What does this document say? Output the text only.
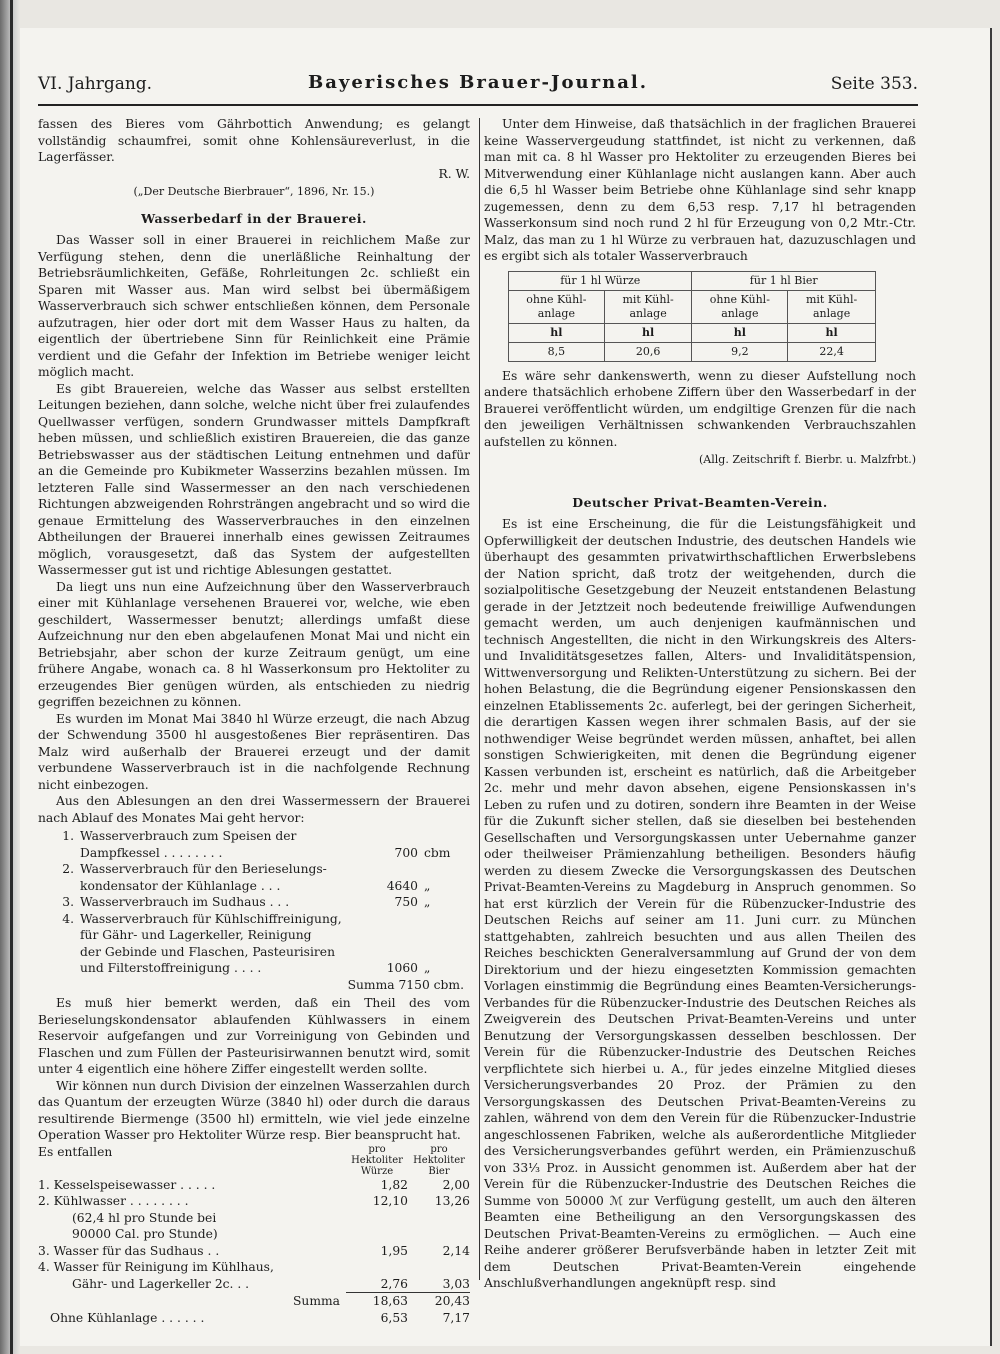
VI. Jahrgang.	Bayerisches Brauer-Journal.	Seite 353.

fassen des Bieres vom Gährbottich Anwendung; es gelangt vollständig schaumfrei, somit ohne Kohlensäureverlust, in die Lagerfässer.

R. W.
(„Der Deutsche Bierbrauer“, 1896, Nr. 15.)
Wasserbedarf in der Brauerei.

Das Wasser soll in einer Brauerei in reichlichem Maße zur Verfügung stehen, denn die unerläßliche Reinhaltung der Betriebsräumlichkeiten, Gefäße, Rohrleitungen 2c. schließt ein Sparen mit Wasser aus. Man wird selbst bei übermäßigem Wasserverbrauch sich schwer entschließen können, dem Personale aufzutragen, hier oder dort mit dem Wasser Haus zu halten, da eigentlich der übertriebene Sinn für Reinlichkeit eine Prämie verdient und die Gefahr der Infektion im Betriebe weniger leicht möglich macht.

Es gibt Brauereien, welche das Wasser aus selbst erstellten Leitungen beziehen, dann solche, welche nicht über frei zulaufendes Quellwasser verfügen, sondern Grundwasser mittels Dampfkraft heben müssen, und schließlich existiren Brauereien, die das ganze Betriebswasser aus der städtischen Leitung entnehmen und dafür an die Gemeinde pro Kubikmeter Wasserzins bezahlen müssen. Im letzteren Falle sind Wassermesser an den nach verschiedenen Richtungen abzweigenden Rohrsträngen angebracht und so wird die genaue Ermittelung des Wasserverbrauches in den einzelnen Abtheilungen der Brauerei innerhalb eines gewissen Zeitraumes möglich, vorausgesetzt, daß das System der aufgestellten Wassermesser gut ist und richtige Ablesungen gestattet.

Da liegt uns nun eine Aufzeichnung über den Wasserverbrauch einer mit Kühlanlage versehenen Brauerei vor, welche, wie eben geschildert, Wassermesser benutzt; allerdings umfaßt diese Aufzeichnung nur den eben abgelaufenen Monat Mai und nicht ein Betriebsjahr, aber schon der kurze Zeitraum genügt, um eine frühere Angabe, wonach ca. 8 hl Wasserkonsum pro Hektoliter zu erzeugendes Bier genügen würden, als entschieden zu niedrig gegriffen bezeichnen zu können.

Es wurden im Monat Mai 3840 hl Würze erzeugt, die nach Abzug der Schwendung 3500 hl ausgestoßenes Bier repräsentiren. Das Malz wird außerhalb der Brauerei erzeugt und der damit verbundene Wasserverbrauch ist in die nachfolgende Rechnung nicht einbezogen.

Aus den Ablesungen an den drei Wassermessern der Brauerei nach Ablauf des Monates Mai geht hervor:

1. Wasserverbrauch zum Speisen der
Dampfkessel . . . . . . . .	700 cbm
2. Wasserverbrauch für den Berieselungs-
kondensator der Kühlanlage . . .	4640 „
3. Wasserverbrauch im Sudhaus . . .	750 „
4. Wasserverbrauch für Kühlschiffreinigung,
für Gähr- und Lagerkeller, Reinigung
der Gebinde und Flaschen, Pasteurisiren
und Filterstoffreinigung . . . .	1060 „
Summa 7150 cbm.

Es muß hier bemerkt werden, daß ein Theil des vom Berieselungskondensator ablaufenden Kühlwassers in einem Reservoir aufgefangen und zur Vorreinigung von Gebinden und Flaschen und zum Füllen der Pasteurisirwannen benutzt wird, somit unter 4 eigentlich eine höhere Ziffer eingestellt werden sollte.

Wir können nun durch Division der einzelnen Wasserzahlen durch das Quantum der erzeugten Würze (3840 hl) oder durch die daraus resultirende Biermenge (3500 hl) ermitteln, wie viel jede einzelne Operation Wasser pro Hektoliter Würze resp. Bier beansprucht hat.

Es entfallen	pro Hektoliter Würze	pro Hektoliter Bier
1. Kesselspeisewasser . . . . .	1,82	2,00
2. Kühlwasser . . . . . . . .	12,10	13,26
(62,4 hl pro Stunde bei		
90000 Cal. pro Stunde)		
3. Wasser für das Sudhaus . .	1,95	2,14
4. Wasser für Reinigung im Kühlhaus,		
Gähr- und Lagerkeller 2c. . .	2,76	3,03
Summa	18,63	20,43
Ohne Kühlanlage . . . . . .	6,53	7,17

Unter dem Hinweise, daß thatsächlich in der fraglichen Brauerei keine Wasservergeudung stattfindet, ist nicht zu verkennen, daß man mit ca. 8 hl Wasser pro Hektoliter zu erzeugenden Bieres bei Mitverwendung einer Kühlanlage nicht auslangen kann. Aber auch die 6,5 hl Wasser beim Betriebe ohne Kühlanlage sind sehr knapp zugemessen, denn zu dem 6,53 resp. 7,17 hl betragenden Wasserkonsum sind noch rund 2 hl für Erzeugung von 0,2 Mtr.-Ctr. Malz, das man zu 1 hl Würze zu verbrauen hat, dazuzuschlagen und es ergibt sich als totaler Wasserverbrauch

für 1 hl Würze		für 1 hl Bier	
ohne Kühl-anlage	mit Kühl-anlage	ohne Kühl-anlage	mit Kühl-anlage
hl	hl	hl	hl
8,5	20,6	9,2	22,4

Es wäre sehr dankenswerth, wenn zu dieser Aufstellung noch andere thatsächlich erhobene Ziffern über den Wasserbedarf in der Brauerei veröffentlicht würden, um endgiltige Grenzen für die nach den jeweiligen Verhältnissen schwankenden Verbrauchszahlen aufstellen zu können.

(Allg. Zeitschrift f. Bierbr. u. Malzfrbt.)
Deutscher Privat-Beamten-Verein.

Es ist eine Erscheinung, die für die Leistungsfähigkeit und Opferwilligkeit der deutschen Industrie, des deutschen Handels wie überhaupt des gesammten privatwirthschaftlichen Erwerbslebens der Nation spricht, daß trotz der weitgehenden, durch die sozialpolitische Gesetzgebung der Neuzeit entstandenen Belastung gerade in der Jetztzeit noch bedeutende freiwillige Aufwendungen gemacht werden, um auch denjenigen kaufmännischen und technisch Angestellten, die nicht in den Wirkungskreis des Alters- und Invaliditätsgesetzes fallen, Alters- und Invaliditätspension, Wittwenversorgung und Relikten-Unterstützung zu sichern. Bei der hohen Belastung, die die Begründung eigener Pensionskassen den einzelnen Etablissements 2c. auferlegt, bei der geringen Sicherheit, die derartigen Kassen wegen ihrer schmalen Basis, auf der sie nothwendiger Weise begründet werden müssen, anhaftet, bei allen sonstigen Schwierigkeiten, mit denen die Begründung eigener Kassen verbunden ist, erscheint es natürlich, daß die Arbeitgeber 2c. mehr und mehr davon absehen, eigene Pensionskassen in's Leben zu rufen und zu dotiren, sondern ihre Beamten in der Weise für die Zukunft sicher stellen, daß sie dieselben bei bestehenden Gesellschaften und Versorgungskassen unter Uebernahme ganzer oder theilweiser Prämienzahlung betheiligen. Besonders häufig werden zu diesem Zwecke die Versorgungskassen des Deutschen Privat-Beamten-Vereins zu Magdeburg in Anspruch genommen. So hat erst kürzlich der Verein für die Rübenzucker-Industrie des Deutschen Reichs auf seiner am 11. Juni curr. zu München stattgehabten, zahlreich besuchten und aus allen Theilen des Reiches beschickten Generalversammlung auf Grund der von dem Direktorium und der hiezu eingesetzten Kommission gemachten Vorlagen einstimmig die Begründung eines Beamten-Versicherungs-Verbandes für die Rübenzucker-Industrie des Deutschen Reiches als Zweigverein des Deutschen Privat-Beamten-Vereins und unter Benutzung der Versorgungskassen desselben beschlossen. Der Verein für die Rübenzucker-Industrie des Deutschen Reiches verpflichtete sich hierbei u. A., für jedes einzelne Mitglied dieses Versicherungsverbandes 20 Proz. der Prämien zu den Versorgungskassen des Deutschen Privat-Beamten-Vereins zu zahlen, während von dem den Verein für die Rübenzucker-Industrie angeschlossenen Fabriken, welche als außerordentliche Mitglieder des Versicherungsverbandes geführt werden, ein Prämienzuschuß von 33⅓ Proz. in Aussicht genommen ist. Außerdem aber hat der Verein für die Rübenzucker-Industrie des Deutschen Reiches die Summe von 50000 ℳ zur Verfügung gestellt, um auch den älteren Beamten eine Betheiligung an den Versorgungskassen des Deutschen Privat-Beamten-Vereins zu ermöglichen. — Auch eine Reihe anderer größerer Berufsverbände haben in letzter Zeit mit dem Deutschen Privat-Beamten-Verein eingehende Anschlußverhandlungen angeknüpft resp. sind
